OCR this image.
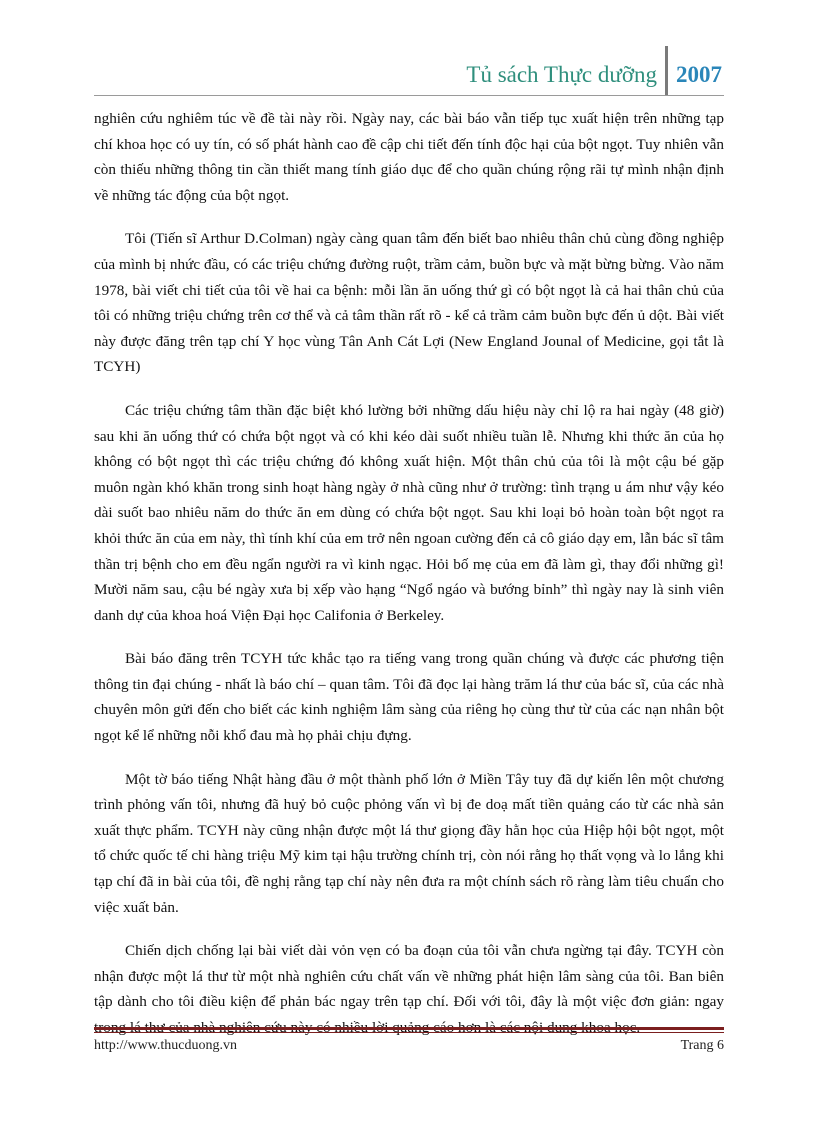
Tủ sách Thực dưỡng 2007

nghiên cứu nghiêm túc về đề tài này rồi. Ngày nay, các bài báo vẫn tiếp tục xuất hiện trên những tạp chí khoa học có uy tín, có số phát hành cao đề cập chi tiết đến tính độc hại của bột ngọt. Tuy nhiên vẫn còn thiếu những thông tin cần thiết mang tính giáo dục để cho quần chúng rộng rãi tự mình nhận định về những tác động của bột ngọt.

Tôi (Tiến sĩ Arthur D.Colman) ngày càng quan tâm đến biết bao nhiêu thân chủ cùng đồng nghiệp của mình bị nhức đầu, có các triệu chứng đường ruột, trầm cảm, buồn bực và mặt bừng bừng. Vào năm 1978, bài viết chi tiết của tôi về hai ca bệnh: mỗi lần ăn uống thứ gì có bột ngọt là cả hai thân chủ của tôi có những triệu chứng trên cơ thể và cả tâm thần rất rõ - kể cả trầm cảm buồn bực đến ủ dột. Bài viết này được đăng trên tạp chí Y học vùng Tân Anh Cát Lợi (New England Jounal of Medicine, gọi tắt là TCYH)

Các triệu chứng tâm thần đặc biệt khó lường bởi những dấu hiệu này chỉ lộ ra hai ngày (48 giờ) sau khi ăn uống thứ có chứa bột ngọt và có khi kéo dài suốt nhiều tuần lễ. Nhưng khi thức ăn của họ không có bột ngọt thì các triệu chứng đó không xuất hiện. Một thân chủ của tôi là một cậu bé gặp muôn ngàn khó khăn trong sinh hoạt hàng ngày ở nhà cũng như ở trường: tình trạng u ám như vậy kéo dài suốt bao nhiêu năm do thức ăn em dùng có chứa bột ngọt. Sau khi loại bỏ hoàn toàn bột ngọt ra khỏi thức ăn của em này, thì tính khí của em trở nên ngoan cường đến cả cô giáo dạy em, lẫn bác sĩ tâm thần trị bệnh cho em đều ngẩn người ra vì kinh ngạc. Hỏi bố mẹ của em đã làm gì, thay đổi những gì! Mười năm sau, cậu bé ngày xưa bị xếp vào hạng “Ngổ ngáo và bướng bỉnh” thì ngày nay là sinh viên danh dự của khoa hoá Viện Đại học Califonia ở Berkeley.

Bài báo đăng trên TCYH tức khắc tạo ra tiếng vang trong quần chúng và được các phương tiện thông tin đại chúng - nhất là báo chí – quan tâm. Tôi đã đọc lại hàng trăm lá thư của bác sĩ, của các nhà chuyên môn gửi đến cho biết các kinh nghiệm lâm sàng của riêng họ cùng thư từ của các nạn nhân bột ngọt kể lể những nỗi khổ đau mà họ phải chịu đựng.

Một tờ báo tiếng Nhật hàng đầu ở một thành phố lớn ở Miền Tây tuy đã dự kiến lên một chương trình phỏng vấn tôi, nhưng đã huỷ bỏ cuộc phỏng vấn vì bị đe doạ mất tiền quảng cáo từ các nhà sản xuất thực phẩm. TCYH này cũng nhận được một lá thư giọng đầy hằn học của Hiệp hội bột ngọt, một tổ chức quốc tế chi hàng triệu Mỹ kim tại hậu trường chính trị, còn nói rằng họ thất vọng và lo lắng khi tạp chí đã in bài của tôi, đề nghị rằng tạp chí này nên đưa ra một chính sách rõ ràng làm tiêu chuẩn cho việc xuất bản.

Chiến dịch chống lại bài viết dài vỏn vẹn có ba đoạn của tôi vẫn chưa ngừng tại đây. TCYH còn nhận được một lá thư từ một nhà nghiên cứu chất vấn về những phát hiện lâm sàng của tôi. Ban biên tập dành cho tôi điều kiện để phản bác ngay trên tạp chí. Đối với tôi, đây là một việc đơn giản: ngay

http://www.thucduong.vn	Trang 6
